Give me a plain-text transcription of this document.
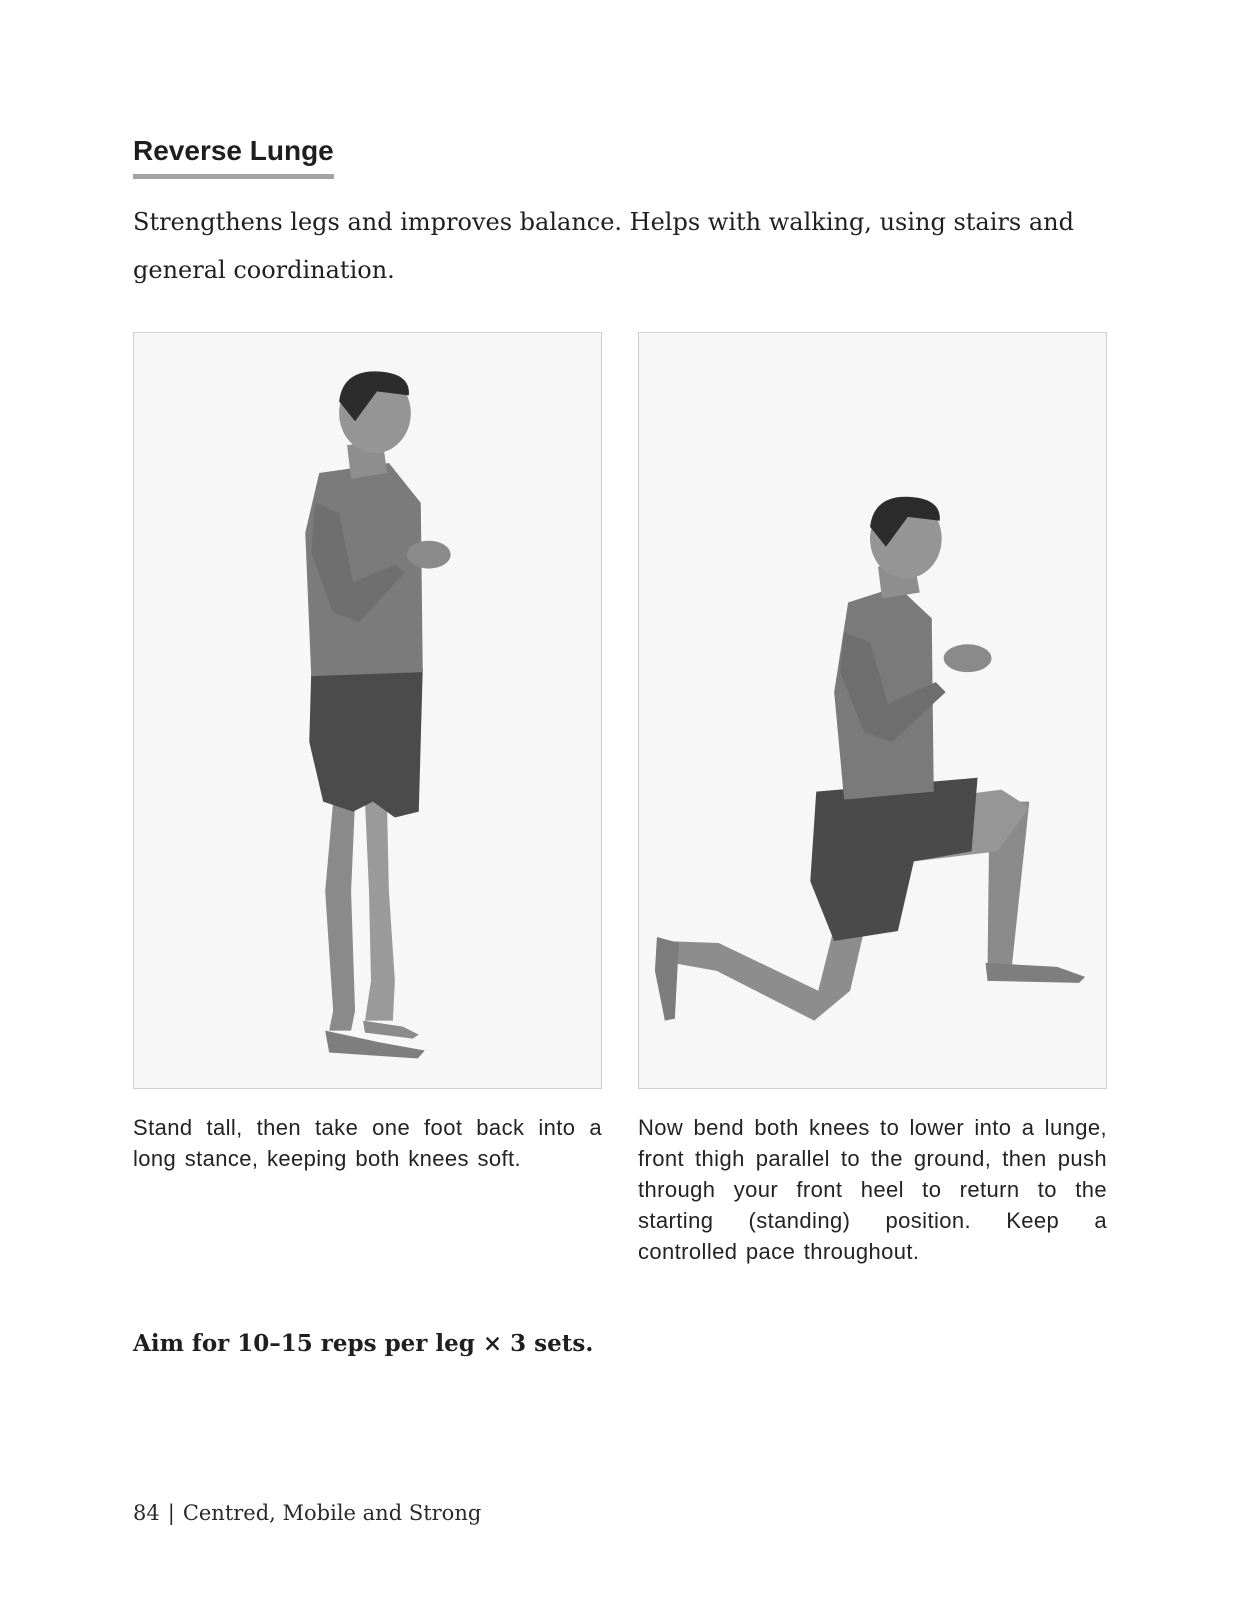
Reverse Lunge

Strengthens legs and improves balance. Helps with walking, using stairs and general coordination.

Stand tall, then take one foot back into a long stance, keeping both knees soft.

Now bend both knees to lower into a lunge, front thigh parallel to the ground, then push through your front heel to return to the starting (standing) position. Keep a controlled pace throughout.

Aim for 10–15 reps per leg × 3 sets.

84 | Centred, Mobile and Strong
